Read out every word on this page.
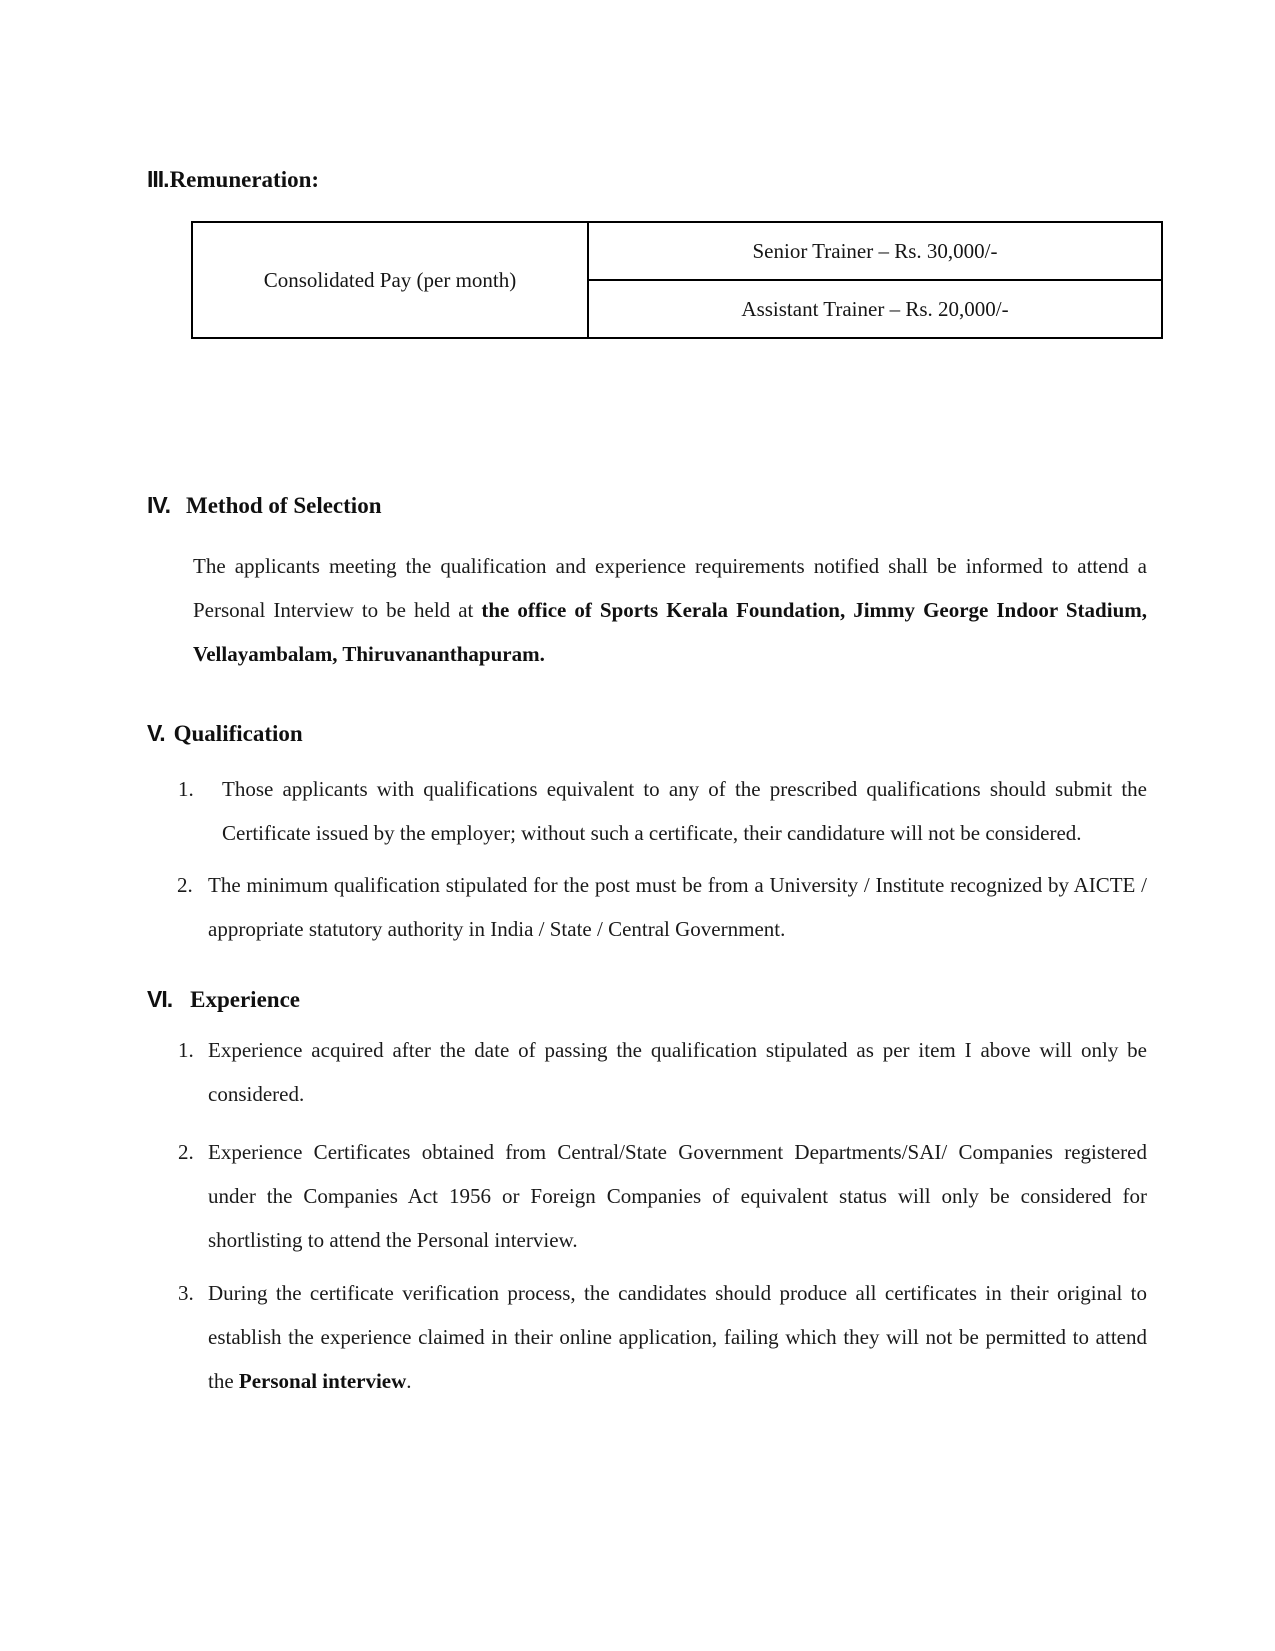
III. Remuneration:
Consolidated Pay (per month)	Senior Trainer – Rs. 30,000/-
Assistant Trainer – Rs. 20,000/-
IV. Method of Selection

The applicants meeting the qualification and experience requirements notified shall be informed to attend a Personal Interview to be held at the office of Sports Kerala Foundation, Jimmy George Indoor Stadium, Vellayambalam, Thiruvananthapuram.

V. Qualification
1.	Those applicants with qualifications equivalent to any of the prescribed qualifications should submit the Certificate issued by the employer; without such a certificate, their candidature will not be considered.
2. The minimum qualification stipulated for the post must be from a University / Institute recognized by AICTE / appropriate statutory authority in India / State / Central Government.
VI. Experience
1. Experience acquired after the date of passing the qualification stipulated as per item I above will only be considered.
2. Experience Certificates obtained from Central/State Government Departments/SAI/ Companies registered under the Companies Act 1956 or Foreign Companies of equivalent status will only be considered for shortlisting to attend the Personal interview.
3. During the certificate verification process, the candidates should produce all certificates in their original to establish the experience claimed in their online application, failing which they will not be permitted to attend the Personal interview.
